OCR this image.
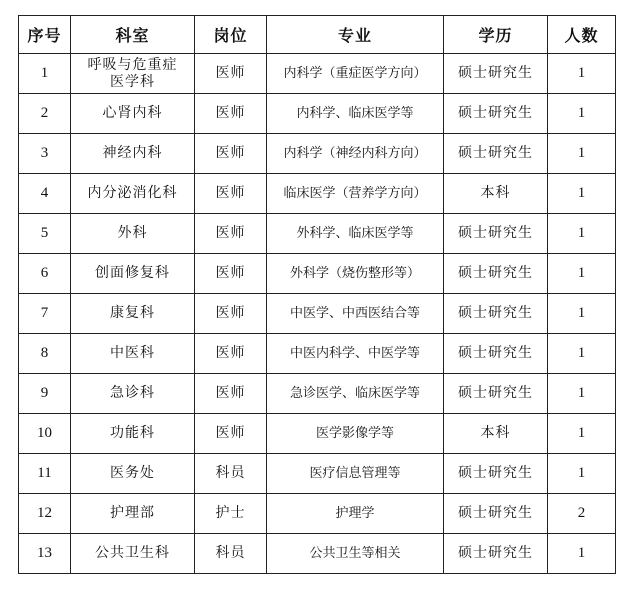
序号	科室	岗位	专业	学历	人数
1	呼吸与危重症医学科	医师	内科学（重症医学方向）	硕士研究生	1
2	心肾内科	医师	内科学、临床医学等	硕士研究生	1
3	神经内科	医师	内科学（神经内科方向）	硕士研究生	1
4	内分泌消化科	医师	临床医学（营养学方向）	本科	1
5	外科	医师	外科学、临床医学等	硕士研究生	1
6	创面修复科	医师	外科学（烧伤整形等）	硕士研究生	1
7	康复科	医师	中医学、中西医结合等	硕士研究生	1
8	中医科	医师	中医内科学、中医学等	硕士研究生	1
9	急诊科	医师	急诊医学、临床医学等	硕士研究生	1
10	功能科	医师	医学影像学等	本科	1
11	医务处	科员	医疗信息管理等	硕士研究生	1
12	护理部	护士	护理学	硕士研究生	2
13	公共卫生科	科员	公共卫生等相关	硕士研究生	1
